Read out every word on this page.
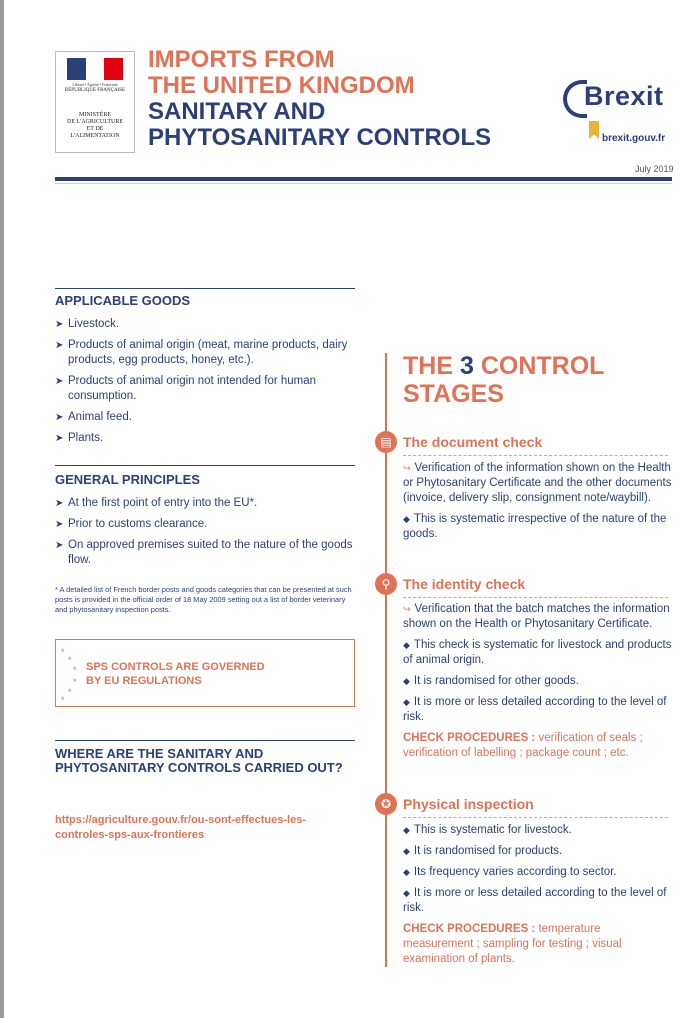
Liberté • Égalité • Fraternité
RÉPUBLIQUE FRANÇAISE
MINISTÈRE
DE L'AGRICULTURE
ET DE
L'ALIMENTATION
IMPORTS FROM
THE UNITED KINGDOM
SANITARY AND
PHYTOSANITARY CONTROLS
Brexit
brexit.gouv.fr
July 2019
APPLICABLE GOODS
➤ Livestock.
➤ Products of animal origin (meat, marine products, dairy products, egg products, honey, etc.).
➤ Products of animal origin not intended for human consumption.
➤ Animal feed.
➤ Plants.
GENERAL PRINCIPLES
➤ At the first point of entry into the EU*.
➤ Prior to customs clearance.
➤ On approved premises suited to the nature of the goods flow.
* A detailed list of French border posts and goods categories that can be presented at such posts is provided in the official order of 18 May 2009 setting out a list of border veterinary and phytosanitary inspection posts.
*
*
*
*
*
*
SPS CONTROLS ARE GOVERNED
BY EU REGULATIONS
WHERE ARE THE SANITARY AND PHYTOSANITARY CONTROLS CARRIED OUT?
https://agriculture.gouv.fr/ou-sont-effectues-les-controles-sps-aux-frontieres
THE 3 CONTROL
STAGES
▤ The document check
↪ Verification of the information shown on the Health or Phytosanitary Certificate and the other documents (invoice, delivery slip, consignment note/waybill).
◆ This is systematic irrespective of the nature of the goods.
⚲ The identity check
↪ Verification that the batch matches the information shown on the Health or Phytosanitary Certificate.
◆ This check is systematic for livestock and products of animal origin.
◆ It is randomised for other goods.
◆ It is more or less detailed according to the level of risk.
CHECK PROCEDURES : verification of seals ; verification of labelling ; package count ; etc.
✪ Physical inspection
◆ This is systematic for livestock.
◆ It is randomised for products.
◆ Its frequency varies according to sector.
◆ It is more or less detailed according to the level of risk.
CHECK PROCEDURES : temperature measurement ; sampling for testing ; visual examination of plants.
